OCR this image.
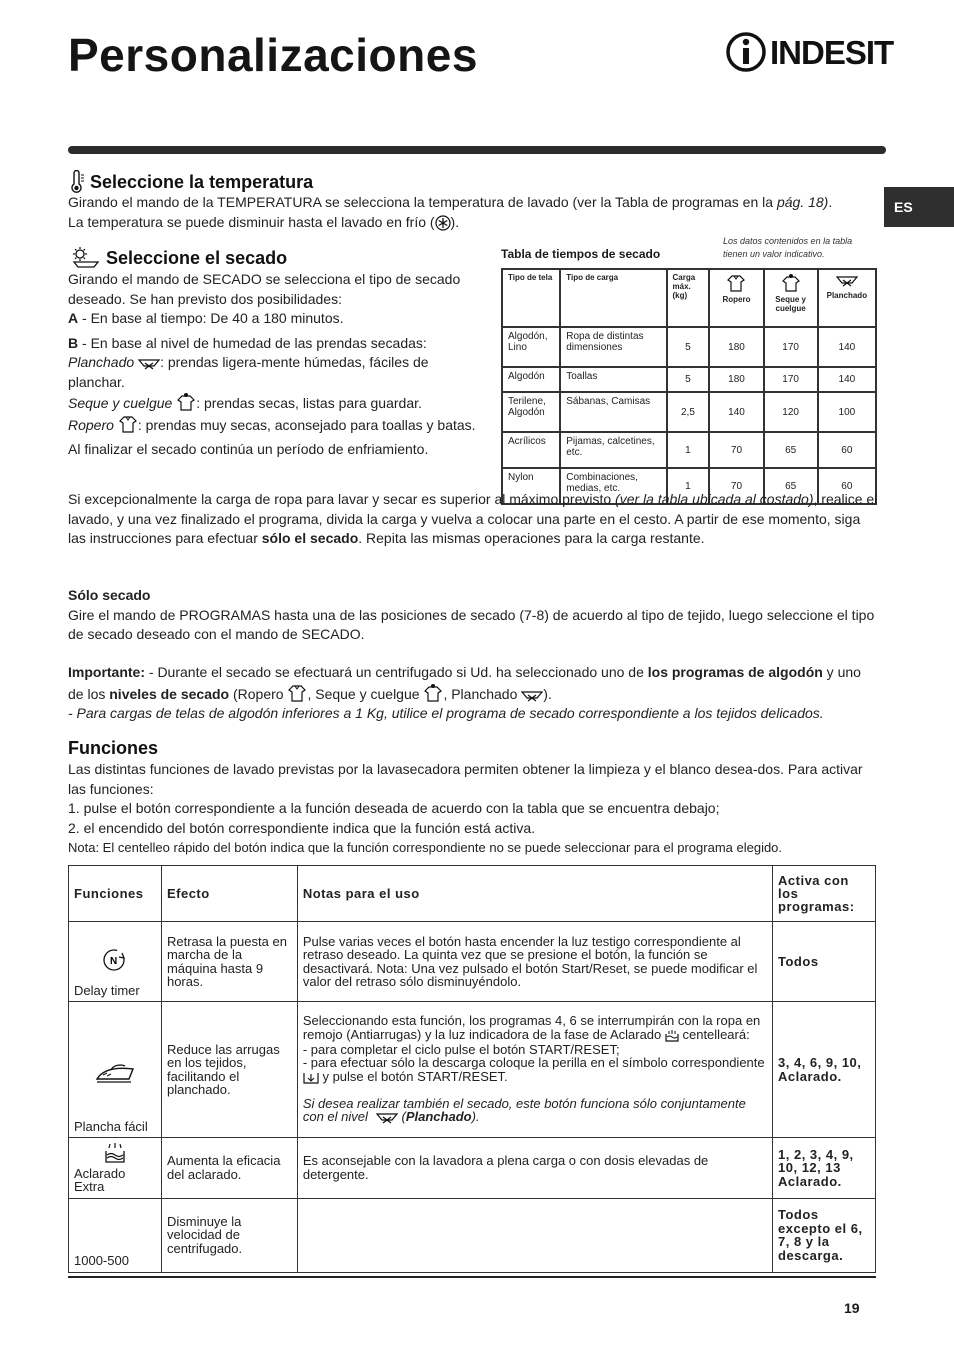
Personalizaciones	INDESIT
ES
Seleccione la temperatura
Girando el mando de la TEMPERATURA se selecciona la temperatura de lavado (ver la Tabla de programas en la pág. 18).
La temperatura se puede disminuir hasta el lavado en frío ( ).
Seleccione el secado

Girando el mando de SECADO se selecciona el tipo de secado deseado. Se han previsto dos posibilidades:

A - En base al tiempo: De 40 a 180 minutos.

B - En base al nivel de humedad de las prendas secadas:

Planchado : prendas ligera-mente húmedas, fáciles de planchar.

Seque y cuelgue : prendas secas, listas para guardar.

Ropero : prendas muy secas, aconsejado para toallas y batas.

Al finalizar el secado continúa un período de enfriamiento.

Tabla de tiempos de secado
Los datos contenidos en la tabla tienen un valor indicativo.
Tipo de tela	Tipo de carga	Carga máx. (kg)	Ropero	Seque y cuelgue	Planchado
Algodón, Lino	Ropa de distintas dimensiones	5	180	170	140
Algodón	Toallas	5	180	170	140
Terilene, Algodón	Sábanas, Camisas	2,5	140	120	100
Acrílicos	Pijamas, calcetines, etc.	1	70	65	60
Nylon	Combinaciones, medias, etc.	1	70	65	60
Si excepcionalmente la carga de ropa para lavar y secar es superior al máximo previsto (ver la tabla ubicada al costado), realice el lavado, y una vez finalizado el programa, divida la carga y vuelva a colocar una parte en el cesto. A partir de ese momento, siga las instrucciones para efectuar sólo el secado. Repita las mismas operaciones para la carga restante.

Sólo secado

Gire el mando de PROGRAMAS hasta una de las posiciones de secado (7-8) de acuerdo al tipo de tejido, luego seleccione el tipo de secado deseado con el mando de SECADO.

Importante: - Durante el secado se efectuará un centrifugado si Ud. ha seleccionado uno de los programas de algodón y uno de los niveles de secado (Ropero , Seque y cuelgue , Planchado ).
- Para cargas de telas de algodón inferiores a 1 Kg, utilice el programa de secado correspondiente a los tejidos delicados.
Funciones

Las distintas funciones de lavado previstas por la lavasecadora permiten obtener la limpieza y el blanco desea-dos. Para activar las funciones:

1. pulse el botón correspondiente a la función deseada de acuerdo con la tabla que se encuentra debajo;

2. el encendido del botón correspondiente indica que la función está activa.

Nota: El centelleo rápido del botón indica que la función correspondiente no se puede seleccionar para el programa elegido.

Funciones	Efecto	Notas para el uso	Activa con los programas:

N
Delay timer	Retrasa la puesta en marcha de la máquina hasta 9 horas.	Pulse varias veces el botón hasta encender la luz testigo correspondiente al retraso deseado. La quinta vez que se presione el botón, la función se desactivará. Nota: Una vez pulsado el botón Start/Reset, se puede modificar el valor del retraso sólo disminuyéndolo.	Todos

Plancha fácil	Reduce las arrugas en los tejidos, facilitando el planchado.	Seleccionando esta función, los programas 4, 6 se interrumpirán con la ropa en remojo (Antiarrugas) y la luz indicadora de la fase de Aclarado  centelleará:
- para completar el ciclo pulse el botón START/RESET;
- para efectuar sólo la descarga coloque la perilla en el símbolo correspondiente  y pulse el botón START/RESET.

Si desea realizar también el secado, este botón funciona sólo conjuntamente con el nivel (Planchado).	3, 4, 6, 9, 10, Aclarado.

Aclarado Extra	Aumenta la eficacia del aclarado.	Es aconsejable con la lavadora a plena carga o con dosis elevadas de detergente.	1, 2, 3, 4, 9, 10, 12, 13 Aclarado.
1000-500	Disminuye la velocidad de centrifugado.		Todos excepto el 6, 7, 8 y la descarga.
19
